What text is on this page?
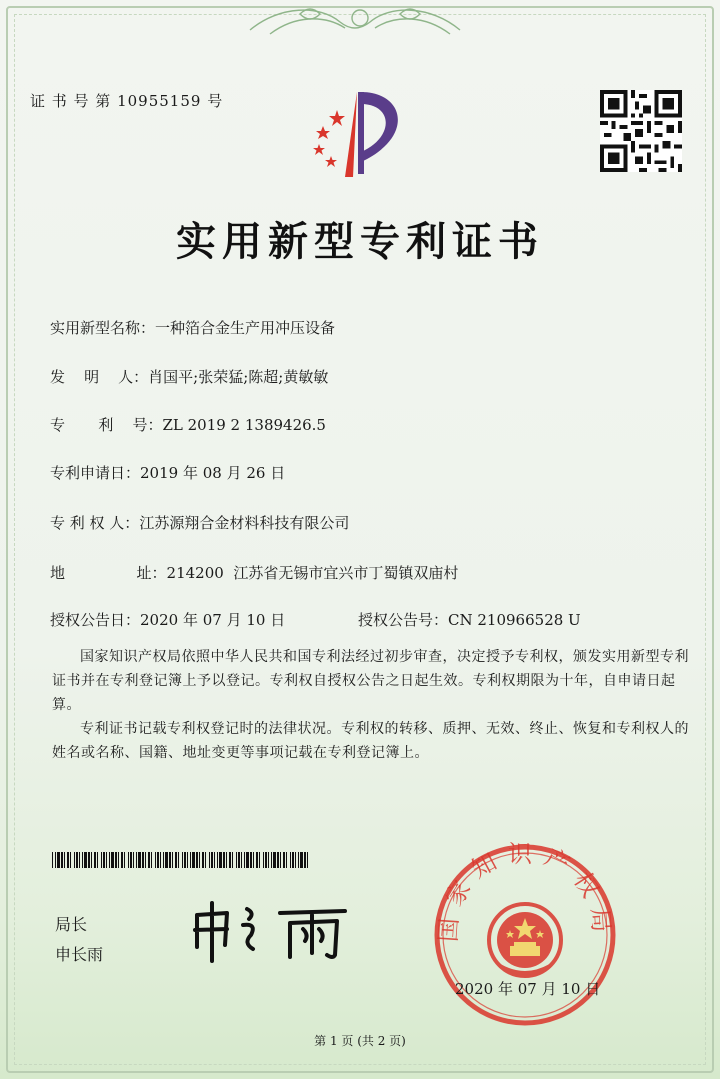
证 书 号 第 10955159 号
实用新型专利证书
实用新型名称：一种箔合金生产用冲压设备
发    明    人：肖国平;张荣猛;陈超;黄敏敏
专       利    号：ZL 2019 2 1389426.5
专利申请日：2019 年 08 月 26 日
专 利 权 人：江苏源翔合金材料科技有限公司
地               址：214200  江苏省无锡市宜兴市丁蜀镇双庙村
授权公告日：2020 年 07 月 10 日	授权公告号：CN 210966528 U
国家知识产权局依照中华人民共和国专利法经过初步审查，决定授予专利权，颁发实用新型专利证书并在专利登记簿上予以登记。专利权自授权公告之日起生效。专利权期限为十年，自申请日起算。
专利证书记载专利权登记时的法律状况。专利权的转移、质押、无效、终止、恢复和专利权人的姓名或名称、国籍、地址变更等事项记载在专利登记簿上。
局长
申长雨
国家知识产权局
2020 年 07 月 10 日
第 1 页 (共 2 页)
